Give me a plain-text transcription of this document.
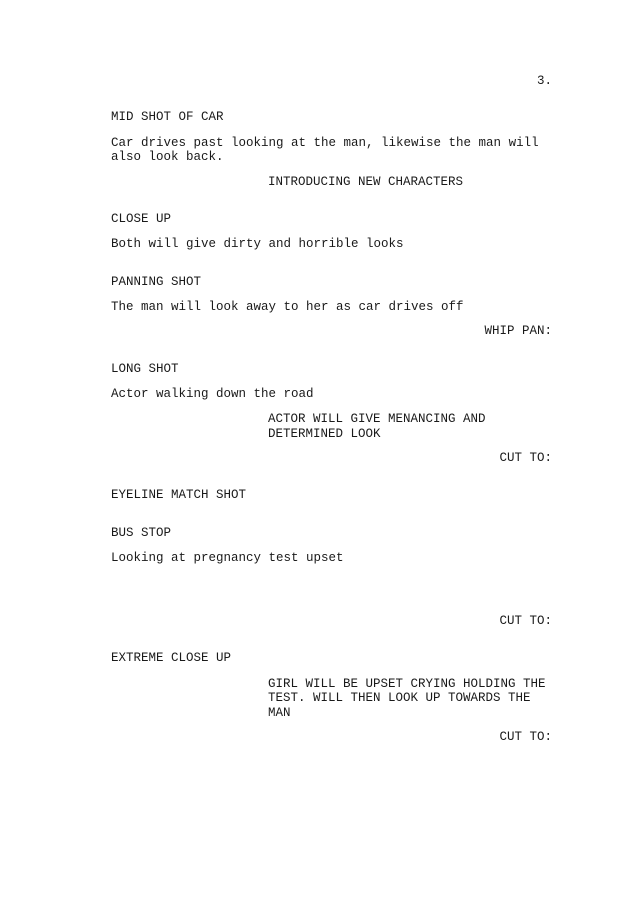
3.
MID SHOT OF CAR
Car drives past looking at the man, likewise the man will
also look back.
INTRODUCING NEW CHARACTERS
CLOSE UP
Both will give dirty and horrible looks
PANNING SHOT
The man will look away to her as car drives off
WHIP PAN:
LONG SHOT
Actor walking down the road
ACTOR WILL GIVE MENANCING AND
DETERMINED LOOK
CUT TO:
EYELINE MATCH SHOT
BUS STOP
Looking at pregnancy test upset
CUT TO:
EXTREME CLOSE UP
GIRL WILL BE UPSET CRYING HOLDING THE
TEST. WILL THEN LOOK UP TOWARDS THE
MAN
CUT TO:
